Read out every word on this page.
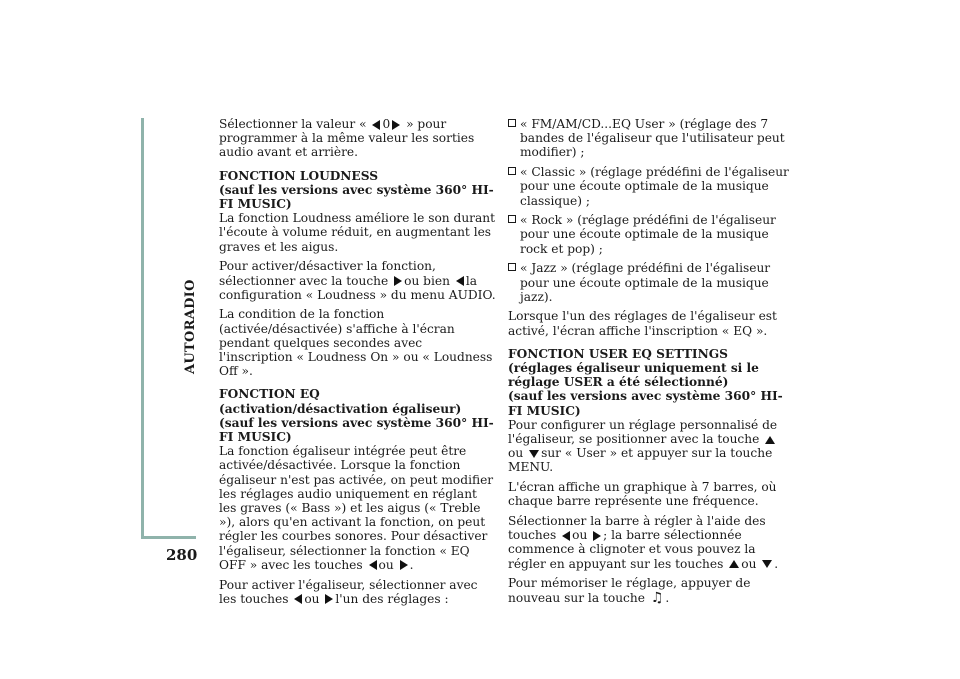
AUTORADIO
280

Sélectionner la valeur « 0 » pour programmer à la même valeur les sorties audio avant et arrière.

FONCTION LOUDNESS
(sauf les versions avec système 360° HI-FI MUSIC)

La fonction Loudness améliore le son durant l'écoute à volume réduit, en augmentant les graves et les aigus.

Pour activer/désactiver la fonction, sélectionner avec la touche ou bien la configuration « Loudness » du menu AUDIO.

La condition de la fonction (activée/désactivée) s'affiche à l'écran pendant quelques secondes avec l'inscription « Loudness On » ou « Loudness Off ».

FONCTION EQ
(activation/désactivation égaliseur)
(sauf les versions avec système 360° HI-FI MUSIC)

La fonction égaliseur intégrée peut être activée/désactivée. Lorsque la fonction égaliseur n'est pas activée, on peut modifier les réglages audio uniquement en réglant les graves (« Bass ») et les aigus (« Treble »), alors qu'en activant la fonction, on peut régler les courbes sonores. Pour désactiver l'égaliseur, sélectionner la fonction « EQ OFF » avec les touches ou .

Pour activer l'égaliseur, sélectionner avec les touches ou l'un des réglages :

« FM/AM/CD...EQ User » (réglage des 7 bandes de l'égaliseur que l'utilisateur peut modifier) ;
« Classic » (réglage prédéfini de l'égaliseur pour une écoute optimale de la musique classique) ;
« Rock » (réglage prédéfini de l'égaliseur pour une écoute optimale de la musique rock et pop) ;
« Jazz » (réglage prédéfini de l'égaliseur pour une écoute optimale de la musique jazz).

Lorsque l'un des réglages de l'égaliseur est activé, l'écran affiche l'inscription « EQ ».

FONCTION USER EQ SETTINGS
(réglages égaliseur uniquement si le réglage USER a été sélectionné)
(sauf les versions avec système 360° HI-FI MUSIC)

Pour configurer un réglage personnalisé de l'égaliseur, se positionner avec la touche ou sur « User » et appuyer sur la touche MENU.

L'écran affiche un graphique à 7 barres, où chaque barre représente une fréquence.

Sélectionner la barre à régler à l'aide des touches ou ; la barre sélectionnée commence à clignoter et vous pouvez la régler en appuyant sur les touches ou .

Pour mémoriser le réglage, appuyer de nouveau sur la touche ♫ .
